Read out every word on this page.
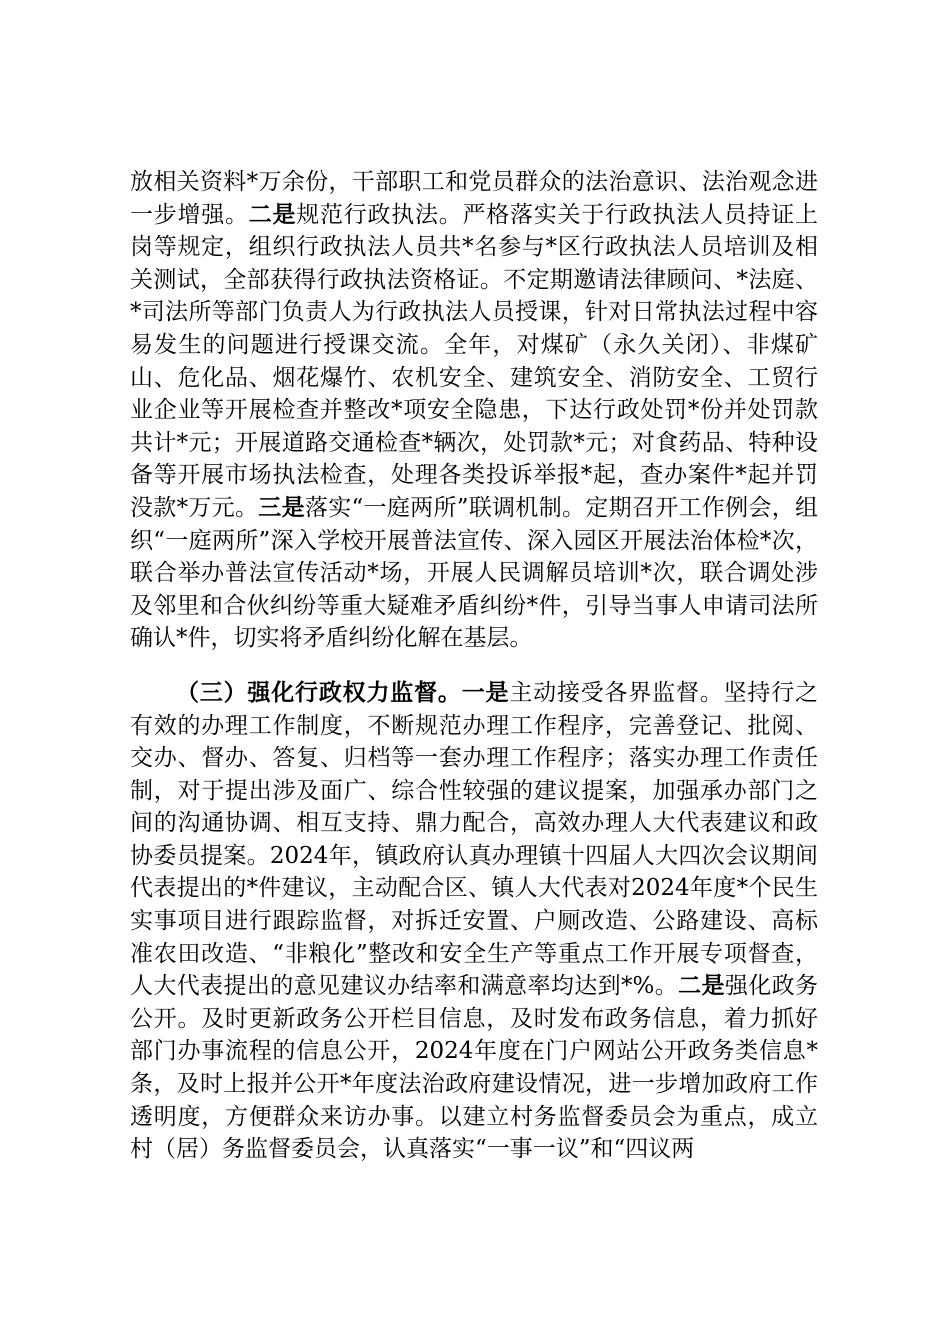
放相关资料*万余份，干部职工和党员群众的法治意识、法治观念进一步增强。二是规范行政执法。严格落实关于行政执法人员持证上岗等规定，组织行政执法人员共*名参与*区行政执法人员培训及相关测试，全部获得行政执法资格证。不定期邀请法律顾问、*法庭、*司法所等部门负责人为行政执法人员授课，针对日常执法过程中容易发生的问题进行授课交流。全年，对煤矿（永久关闭）、非煤矿山、危化品、烟花爆竹、农机安全、建筑安全、消防安全、工贸行业企业等开展检查并整改*项安全隐患，下达行政处罚*份并处罚款共计*元；开展道路交通检查*辆次，处罚款*元；对食药品、特种设备等开展市场执法检查，处理各类投诉举报*起，查办案件*起并罚没款*万元。三是落实“一庭两所”联调机制。定期召开工作例会，组织“一庭两所”深入学校开展普法宣传、深入园区开展法治体检*次，联合举办普法宣传活动*场，开展人民调解员培训*次，联合调处涉及邻里和合伙纠纷等重大疑难矛盾纠纷*件，引导当事人申请司法所确认*件，切实将矛盾纠纷化解在基层。

（三）强化行政权力监督。一是主动接受各界监督。坚持行之有效的办理工作制度，不断规范办理工作程序，完善登记、批阅、交办、督办、答复、归档等一套办理工作程序；落实办理工作责任制，对于提出涉及面广、综合性较强的建议提案，加强承办部门之间的沟通协调、相互支持、鼎力配合，高效办理人大代表建议和政协委员提案。2024年，镇政府认真办理镇十四届人大四次会议期间代表提出的*件建议，主动配合区、镇人大代表对2024年度*个民生实事项目进行跟踪监督，对拆迁安置、户厕改造、公路建设、高标准农田改造、“非粮化”整改和安全生产等重点工作开展专项督查，人大代表提出的意见建议办结率和满意率均达到*%。二是强化政务公开。及时更新政务公开栏目信息，及时发布政务信息，着力抓好部门办事流程的信息公开，2024年度在门户网站公开政务类信息*条，及时上报并公开*年度法治政府建设情况，进一步增加政府工作透明度，方便群众来访办事。以建立村务监督委员会为重点，成立村（居）务监督委员会，认真落实“一事一议”和“四议两
